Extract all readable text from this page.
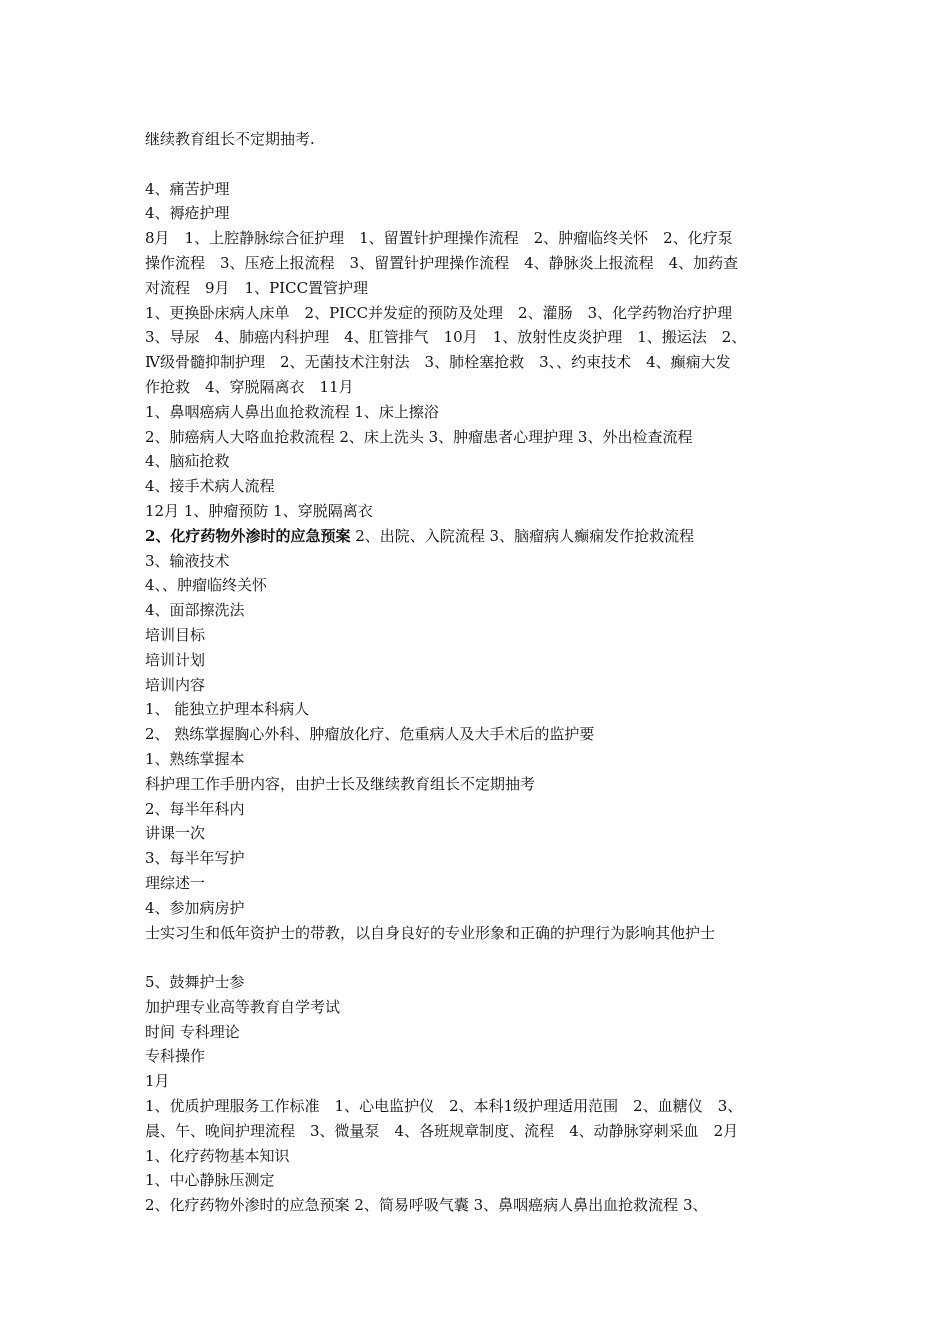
继续教育组长不定期抽考.
4、痛苦护理
4、褥疮护理
8月　1、上腔静脉综合征护理　1、留置针护理操作流程　2、肿瘤临终关怀　2、化疗泵
操作流程　3、压疮上报流程　3、留置针护理操作流程　4、静脉炎上报流程　4、加药查
对流程　9月　1、PICC置管护理
1、更换卧床病人床单　2、PICC并发症的预防及处理　2、灌肠　3、化学药物治疗护理
3、导尿　4、肺癌内科护理　4、肛管排气　10月　1、放射性皮炎护理　1、搬运法　2、
Ⅳ级骨髓抑制护理　2、无菌技术注射法　3、肺栓塞抢救　3、、约束技术　4、癫痫大发
作抢救　4、穿脱隔离衣　11月
1、鼻咽癌病人鼻出血抢救流程 1、床上擦浴
2、肺癌病人大咯血抢救流程 2、床上洗头 3、肿瘤患者心理护理 3、外出检查流程
4、脑疝抢救
4、接手术病人流程
12月 1、肿瘤预防 1、穿脱隔离衣
2、化疗药物外渗时的应急预案 2、出院、入院流程 3、脑瘤病人癫痫发作抢救流程
3、输液技术
4、、肿瘤临终关怀
4、面部擦洗法
培训目标
培训计划
培训内容
1、 能独立护理本科病人
2、 熟练掌握胸心外科、肿瘤放化疗、危重病人及大手术后的监护要
1、熟练掌握本
科护理工作手册内容，由护士长及继续教育组长不定期抽考
2、每半年科内
讲课一次
3、每半年写护
理综述一
4、参加病房护
士实习生和低年资护士的带教，以自身良好的专业形象和正确的护理行为影响其他护士
5、鼓舞护士参
加护理专业高等教育自学考试
时间 专科理论
专科操作
1月
1、优质护理服务工作标准　1、心电监护仪　2、本科1级护理适用范围　2、血糖仪　3、
晨、午、晚间护理流程　3、微量泵　4、各班规章制度、流程　4、动静脉穿刺采血　2月
1、化疗药物基本知识
1、中心静脉压测定
2、化疗药物外渗时的应急预案 2、简易呼吸气囊 3、鼻咽癌病人鼻出血抢救流程 3、
